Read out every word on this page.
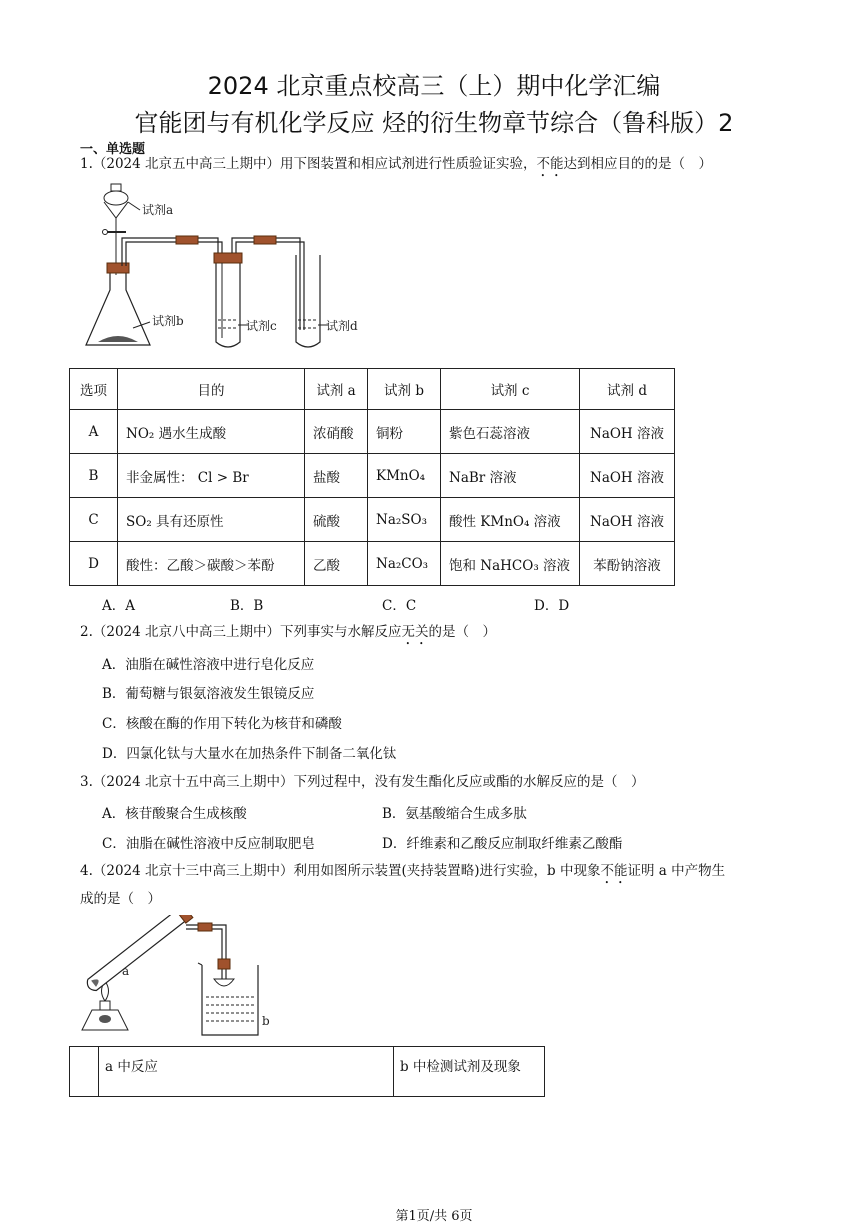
2024 北京重点校高三（上）期中化学汇编
官能团与有机化学反应 烃的衍生物章节综合（鲁科版）2
一、单选题
1.（2024 北京五中高三上期中）用下图装置和相应试剂进行性质验证实验，不能达到相应目的的是（　）
试剂a
试剂b	试剂c	试剂d
选项	目的	试剂 a	试剂 b	试剂 c	试剂 d
A	NO₂ 遇水生成酸	浓硝酸	铜粉	紫色石蕊溶液	NaOH 溶液
B	非金属性： Cl > Br	盐酸	KMnO₄	NaBr 溶液	NaOH 溶液
C	SO₂ 具有还原性	硫酸	Na₂SO₃	酸性 KMnO₄ 溶液	NaOH 溶液
D	酸性：乙酸＞碳酸＞苯酚	乙酸	Na₂CO₃	饱和 NaHCO₃ 溶液	苯酚钠溶液
A．A	B．B	C．C	D．D
2.（2024 北京八中高三上期中）下列事实与水解反应无关的是（　）
A．油脂在碱性溶液中进行皂化反应
B．葡萄糖与银氨溶液发生银镜反应
C．核酸在酶的作用下转化为核苷和磷酸
D．四氯化钛与大量水在加热条件下制备二氧化钛
3.（2024 北京十五中高三上期中）下列过程中，没有发生酯化反应或酯的水解反应的是（　）
A．核苷酸聚合生成核酸	B．氨基酸缩合生成多肽
C．油脂在碱性溶液中反应制取肥皂	D．纤维素和乙酸反应制取纤维素乙酸酯
4.（2024 北京十三中高三上期中）利用如图所示装置(夹持装置略)进行实验，b 中现象不能证明 a 中产物生
成的是（　）
a
b
	a 中反应	b 中检测试剂及现象
第1页/共 6页
